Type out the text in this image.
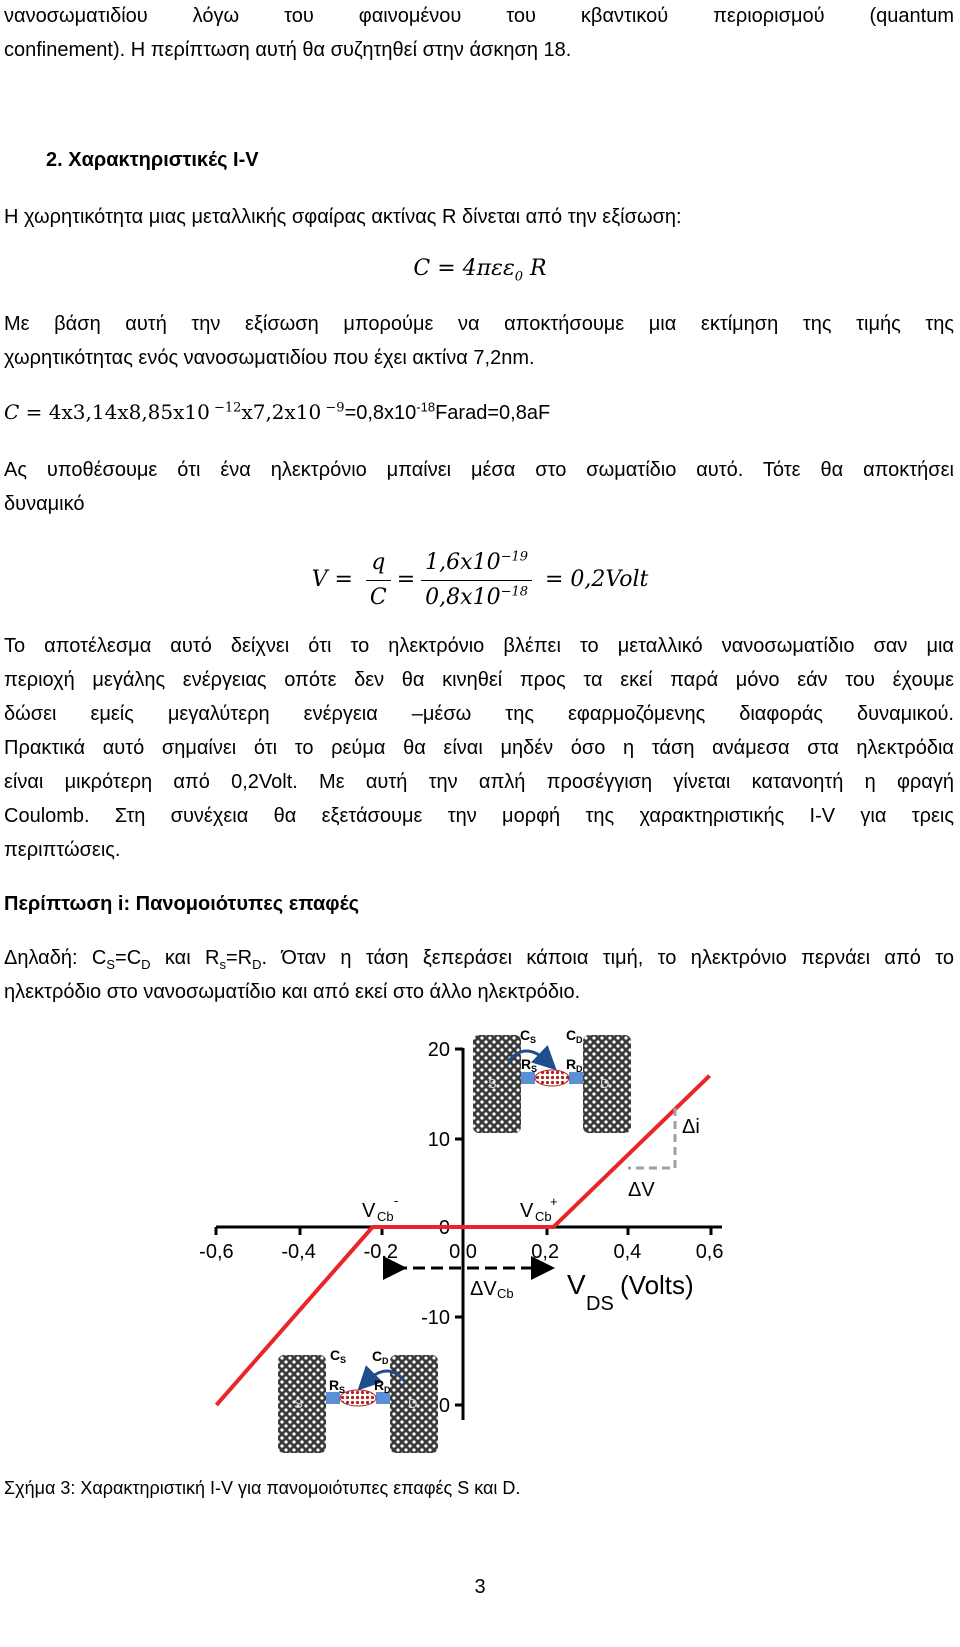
νανοσωματιδίου λόγω του φαινομένου του κβαντικού περιορισμού (quantum
confinement). Η περίπτωση αυτή θα συζητηθεί στην άσκηση 18.
2. Χαρακτηριστικές I-V
Η χωρητικότητα μιας μεταλλικής σφαίρας ακτίνας R δίνεται από την εξίσωση:
C = 4πεε$_0$ R
Με βάση αυτή την εξίσωση μπορούμε να αποκτήσουμε μια εκτίμηση της τιμής της
χωρητικότητας ενός νανοσωματιδίου που έχει ακτίνα 7,2nm.
C = 4x3,14x8,85x10 $^{-12}$x7,2x10 $^{-9}=0,8x10^{-18}Farad=0,8aF$
Ας υποθέσουμε ότι ένα ηλεκτρόνιο μπαίνει μέσα στο σωματίδιο αυτό. Τότε θα αποκτήσει
δυναμικό
$V = \frac{q}{C} = \frac{1,6x10^{-19}}{0,8x10^{-18}}$ = 0,2Volt
Το αποτέλεσμα αυτό δείχνει ότι το ηλεκτρόνιο βλέπει το μεταλλικό νανοσωματίδιο σαν μια
περιοχή μεγάλης ενέργειας οπότε δεν θα κινηθεί προς τα εκεί παρά μόνο εάν του έχουμε
δώσει εμείς μεγαλύτερη ενέργεια –μέσω της εφαρμοζόμενης διαφοράς δυναμικού.
Πρακτικά αυτό σημαίνει ότι το ρεύμα θα είναι μηδέν όσο η τάση ανάμεσα στα ηλεκτρόδια
είναι μικρότερη από 0,2Volt. Με αυτή την απλή προσέγγιση γίνεται κατανοητή η φραγή
Coulomb. Στη συνέχεια θα εξετάσουμε την μορφή της χαρακτηριστικής I-V για τρεις
περιπτώσεις.
Περίπτωση i: Πανομοιότυπες επαφές
Δηλαδή: $C_S=C_D$ και $R_s=R_D$. Όταν η τάση ξεπεράσει κάποια τιμή, το ηλεκτρόνιο περνάει από το
ηλεκτρόδιο στο νανοσωματίδιο και από εκεί στο άλλο ηλεκτρόδιο.
-0,6 -0,4 -0,2	0,0	0,2	0,4	0,6
20
10
0
-10
0
Δi
ΔV
V Cb
-	V Cb
+
ΔV Cb V
DS
(Volts)
S	D
C S C D
R S R D
S	D
C S C D
R S R D
Σχήμα 3: Χαρακτηριστική I-V για πανομοιότυπες επαφές S και D.
3
